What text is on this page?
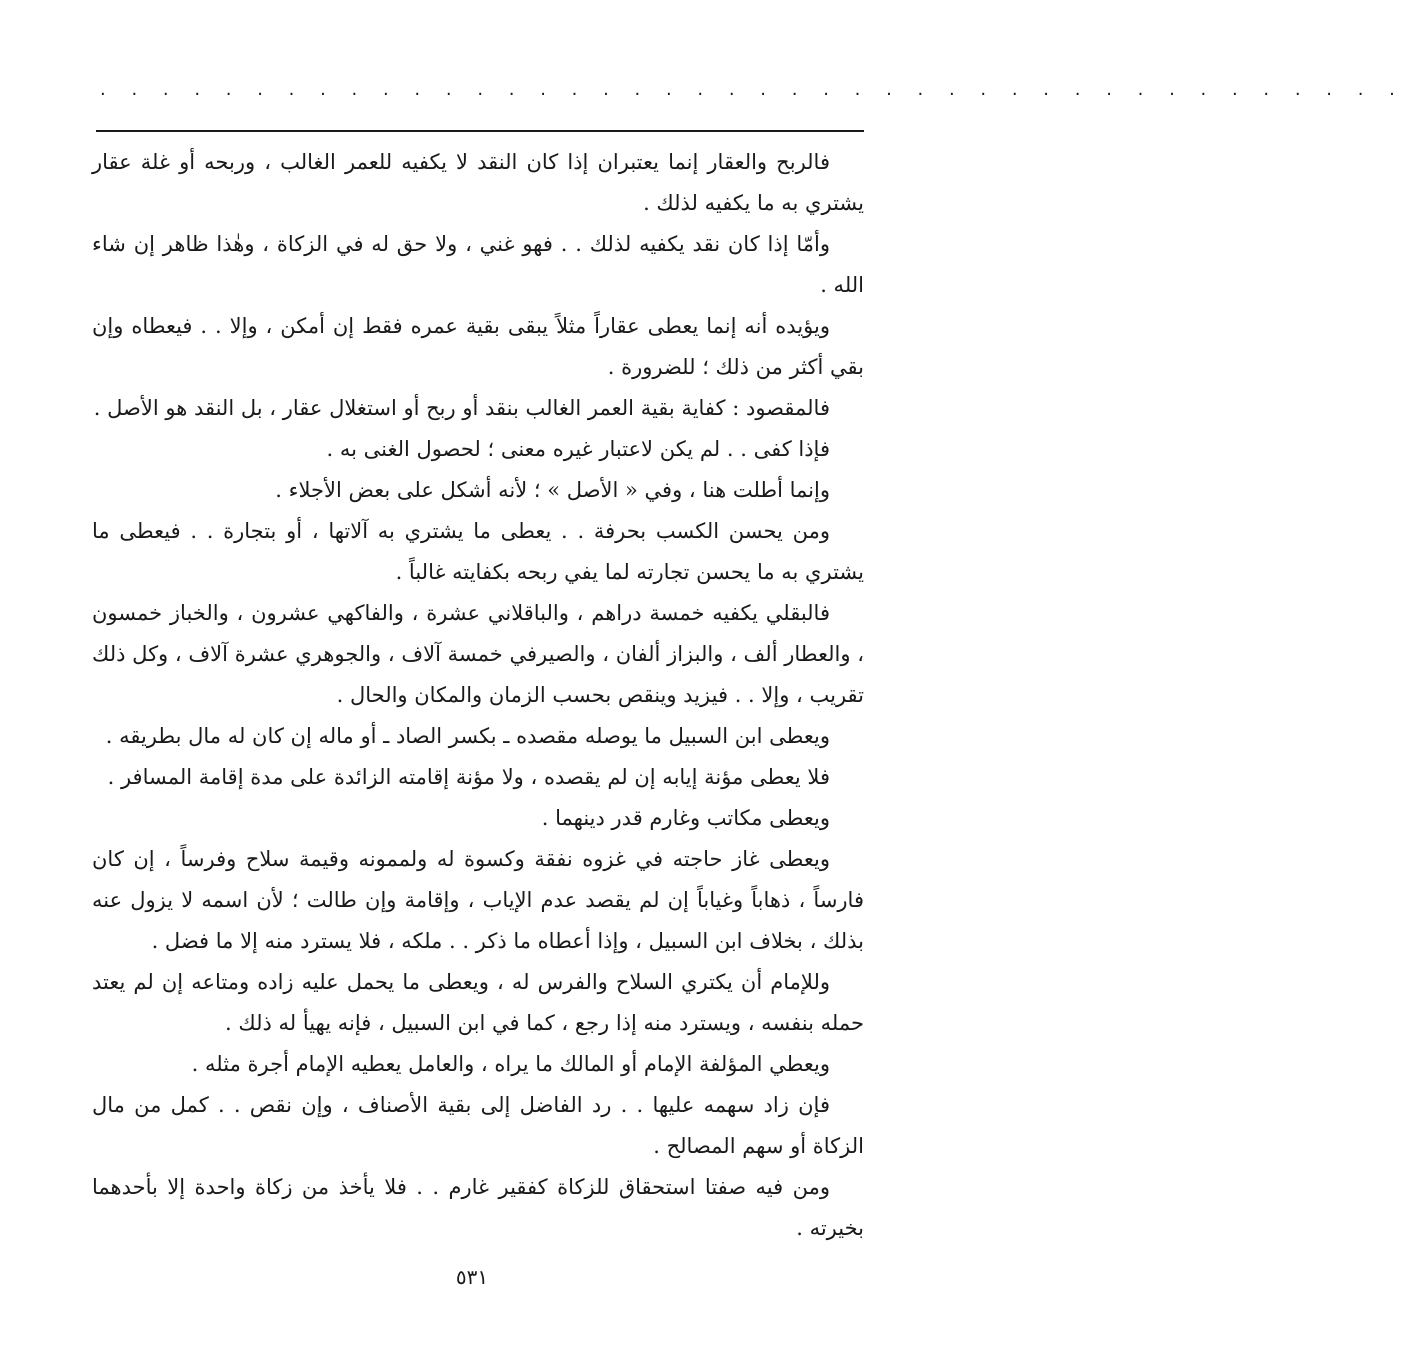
. . . . . . . . . . . . . . . . . . . . . . . . . . . . . . . . . . . . . . . . . .

فالربح والعقار إنما يعتبران إذا كان النقد لا يكفيه للعمر الغالب ، وربحه أو غلة عقار يشتري به ما يكفيه لذلك .

وأمّا إذا كان نقد يكفيه لذلك . . فهو غني ، ولا حق له في الزكاة ، وهٰذا ظاهر إن شاء الله .

ويؤيده أنه إنما يعطى عقاراً مثلاً يبقى بقية عمره فقط إن أمكن ، وإلا . . فيعطاه وإن بقي أكثر من ذلك ؛ للضرورة .

فالمقصود : كفاية بقية العمر الغالب بنقد أو ربح أو استغلال عقار ، بل النقد هو الأصل .

فإذا كفى . . لم يكن لاعتبار غيره معنى ؛ لحصول الغنى به .

وإنما أطلت هنا ، وفي « الأصل » ؛ لأنه أشكل على بعض الأجلاء .

ومن يحسن الكسب بحرفة . . يعطى ما يشتري به آلاتها ، أو بتجارة . . فيعطى ما يشتري به ما يحسن تجارته لما يفي ربحه بكفايته غالباً .

فالبقلي يكفيه خمسة دراهم ، والباقلاني عشرة ، والفاكهي عشرون ، والخباز خمسون ، والعطار ألف ، والبزاز ألفان ، والصيرفي خمسة آلاف ، والجوهري عشرة آلاف ، وكل ذلك تقريب ، وإلا . . فيزيد وينقص بحسب الزمان والمكان والحال .

ويعطى ابن السبيل ما يوصله مقصده ـ بكسر الصاد ـ أو ماله إن كان له مال بطريقه .

فلا يعطى مؤنة إيابه إن لم يقصده ، ولا مؤنة إقامته الزائدة على مدة إقامة المسافر .

ويعطى مكاتب وغارم قدر دينهما .

ويعطى غاز حاجته في غزوه نفقة وكسوة له ولممونه وقيمة سلاح وفرساً ، إن كان فارساً ، ذهاباً وغياباً إن لم يقصد عدم الإياب ، وإقامة وإن طالت ؛ لأن اسمه لا يزول عنه بذلك ، بخلاف ابن السبيل ، وإذا أعطاه ما ذكر . . ملكه ، فلا يسترد منه إلا ما فضل .

وللإمام أن يكتري السلاح والفرس له ، ويعطى ما يحمل عليه زاده ومتاعه إن لم يعتد حمله بنفسه ، ويسترد منه إذا رجع ، كما في ابن السبيل ، فإنه يهيأ له ذلك .

ويعطي المؤلفة الإمام أو المالك ما يراه ، والعامل يعطيه الإمام أجرة مثله .

فإن زاد سهمه عليها . . رد الفاضل إلى بقية الأصناف ، وإن نقص . . كمل من مال الزكاة أو سهم المصالح .

ومن فيه صفتا استحقاق للزكاة كفقير غارم . . فلا يأخذ من زكاة واحدة إلا بأحدهما بخيرته .

٥٣١
